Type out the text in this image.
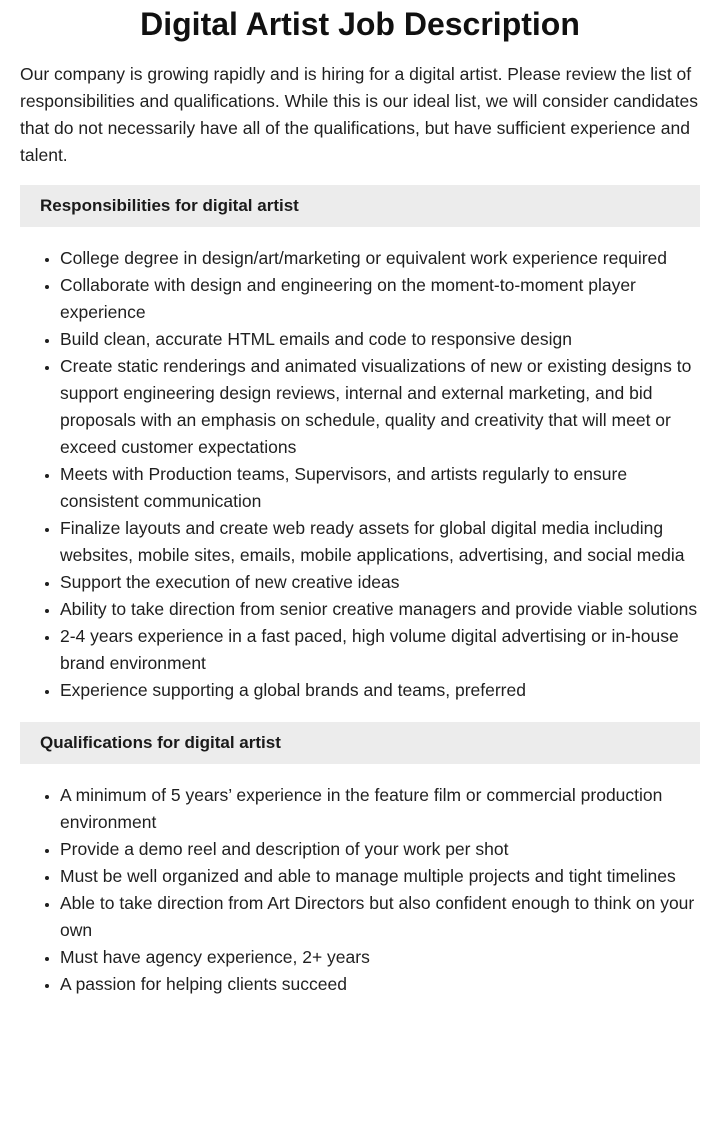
Digital Artist Job Description

Our company is growing rapidly and is hiring for a digital artist. Please review the list of responsibilities and qualifications. While this is our ideal list, we will consider candidates that do not necessarily have all of the qualifications, but have sufficient experience and talent.

Responsibilities for digital artist
• College degree in design/art/marketing or equivalent work experience required
• Collaborate with design and engineering on the moment-to-moment player experience
• Build clean, accurate HTML emails and code to responsive design
• Create static renderings and animated visualizations of new or existing designs to support engineering design reviews, internal and external marketing, and bid proposals with an emphasis on schedule, quality and creativity that will meet or exceed customer expectations
• Meets with Production teams, Supervisors, and artists regularly to ensure consistent communication
• Finalize layouts and create web ready assets for global digital media including websites, mobile sites, emails, mobile applications, advertising, and social media
• Support the execution of new creative ideas
• Ability to take direction from senior creative managers and provide viable solutions
• 2-4 years experience in a fast paced, high volume digital advertising or in-house brand environment
• Experience supporting a global brands and teams, preferred
Qualifications for digital artist
• A minimum of 5 years’ experience in the feature film or commercial production environment
• Provide a demo reel and description of your work per shot
• Must be well organized and able to manage multiple projects and tight timelines
• Able to take direction from Art Directors but also confident enough to think on your own
• Must have agency experience, 2+ years
• A passion for helping clients succeed
